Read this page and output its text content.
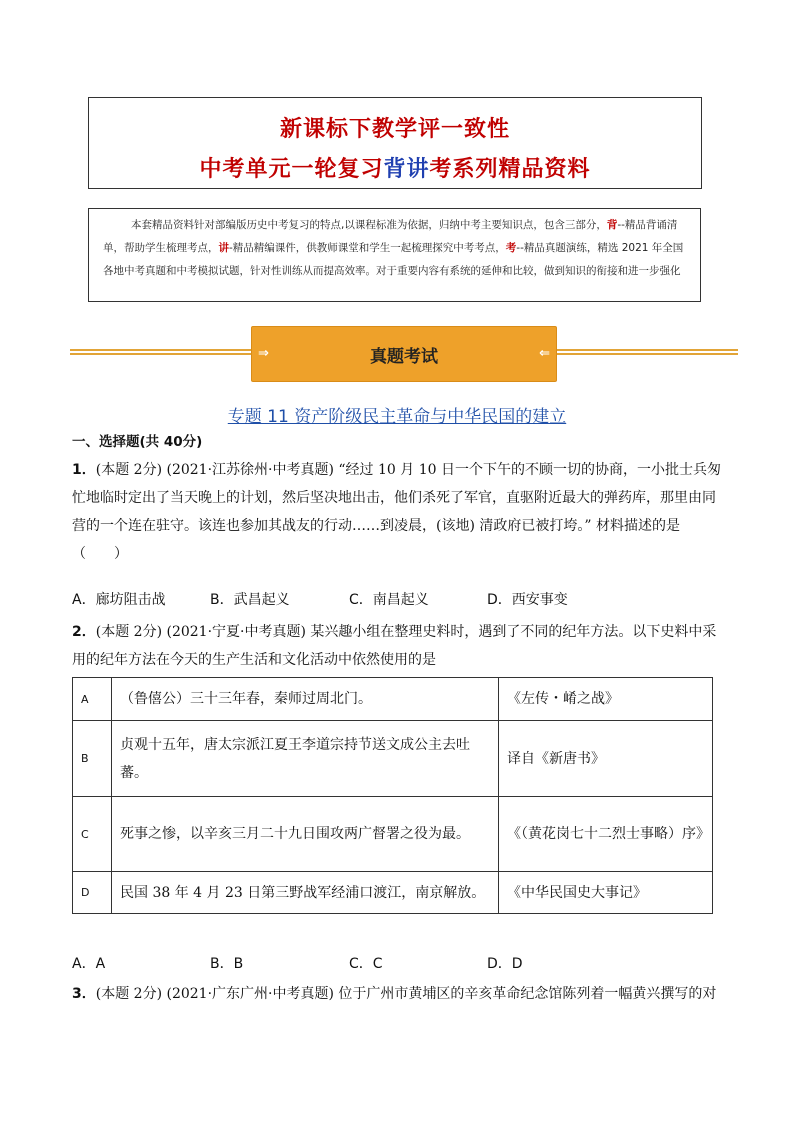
新课标下教学评一致性
中考单元一轮复习背讲考系列精品资料

本套精品资料针对部编版历史中考复习的特点,以课程标准为依据，归纳中考主要知识点，包含三部分，背--精品背诵清单，帮助学生梳理考点，讲-精品精编课件，供教师课堂和学生一起梳理探究中考考点，考--精品真题演练，精选 2021 年全国各地中考真题和中考模拟试题，针对性训练从而提高效率。对于重要内容有系统的延伸和比较，做到知识的衔接和进一步强化

⇒	真题考试	⇐
专题 11 资产阶级民主革命与中华民国的建立
一、选择题(共 40分)
1．(本题 2分) (2021·江苏徐州·中考真题) “经过 10 月 10 日一个下午的不顾一切的协商，一小批士兵匆忙地临时定出了当天晚上的计划，然后坚决地出击，他们杀死了军官，直驱附近最大的弹药库，那里由同营的一个连在驻守。该连也参加其战友的行动……到凌晨，(该地) 清政府已被打垮。” 材料描述的是（　　）
A．廊坊阻击战	B．武昌起义	C．南昌起义	D．西安事变
2．(本题 2分) (2021·宁夏·中考真题) 某兴趣小组在整理史料时，遇到了不同的纪年方法。以下史料中采用的纪年方法在今天的生产生活和文化活动中依然使用的是
A	（鲁僖公）三十三年春，秦师过周北门。	《左传・崤之战》
B	贞观十五年，唐太宗派江夏王李道宗持节送文成公主去吐蕃。	译自《新唐书》
C	死事之惨，以辛亥三月二十九日围攻两广督署之役为最。	《（黄花岗七十二烈士事略）序》
D	民国 38 年 4 月 23 日第三野战军经浦口渡江，南京解放。	《中华民国史大事记》
A．A	B．B	C．C	D．D
3．(本题 2分) (2021·广东广州·中考真题) 位于广州市黄埔区的辛亥革命纪念馆陈列着一幅黄兴撰写的对
